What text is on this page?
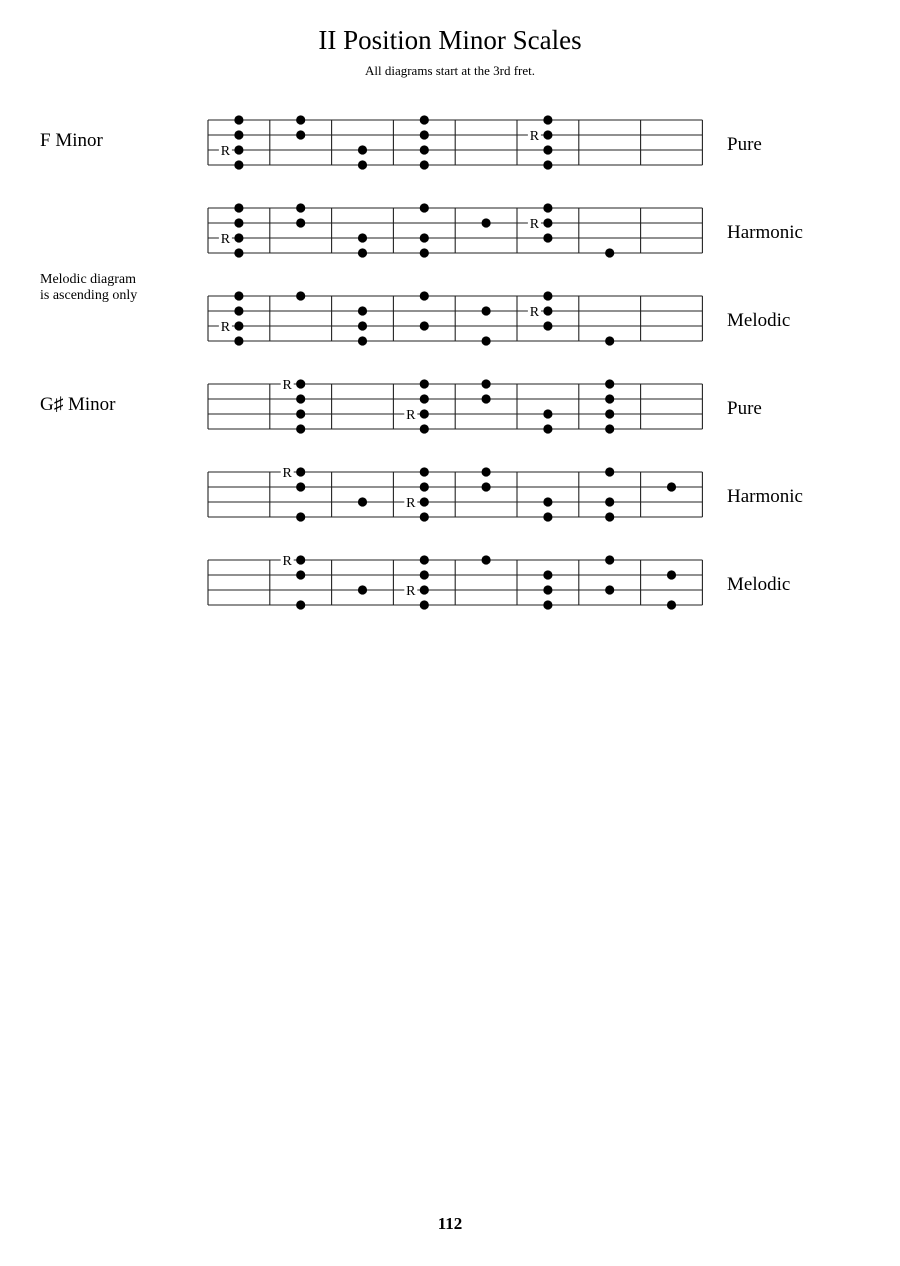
II Position Minor Scales
All diagrams start at the 3rd fret.
F Minor
R
R	Pure
R
R	Harmonic
Melodic diagram
is ascending only
R
R	Melodic
G♯ Minor
R
R	Pure
R
R	Harmonic
R
R	Melodic
112
